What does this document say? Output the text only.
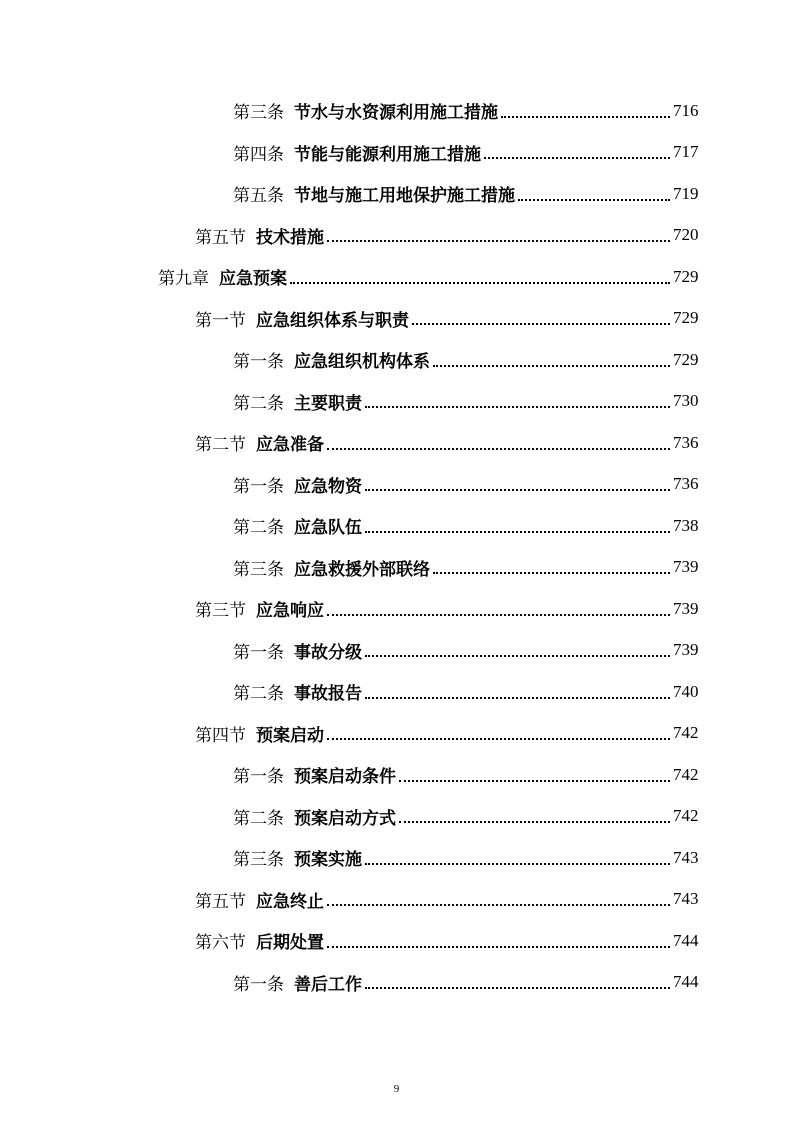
第三条 节水与水资源利用施工措施	716
第四条 节能与能源利用施工措施	717
第五条 节地与施工用地保护施工措施	719
第五节 技术措施	720
第九章 应急预案	729
第一节 应急组织体系与职责	729
第一条 应急组织机构体系	729
第二条 主要职责	730
第二节 应急准备	736
第一条 应急物资	736
第二条 应急队伍	738
第三条 应急救援外部联络	739
第三节 应急响应	739
第一条 事故分级	739
第二条 事故报告	740
第四节 预案启动	742
第一条 预案启动条件	742
第二条 预案启动方式	742
第三条 预案实施	743
第五节 应急终止	743
第六节 后期处置	744
第一条 善后工作	744
9
